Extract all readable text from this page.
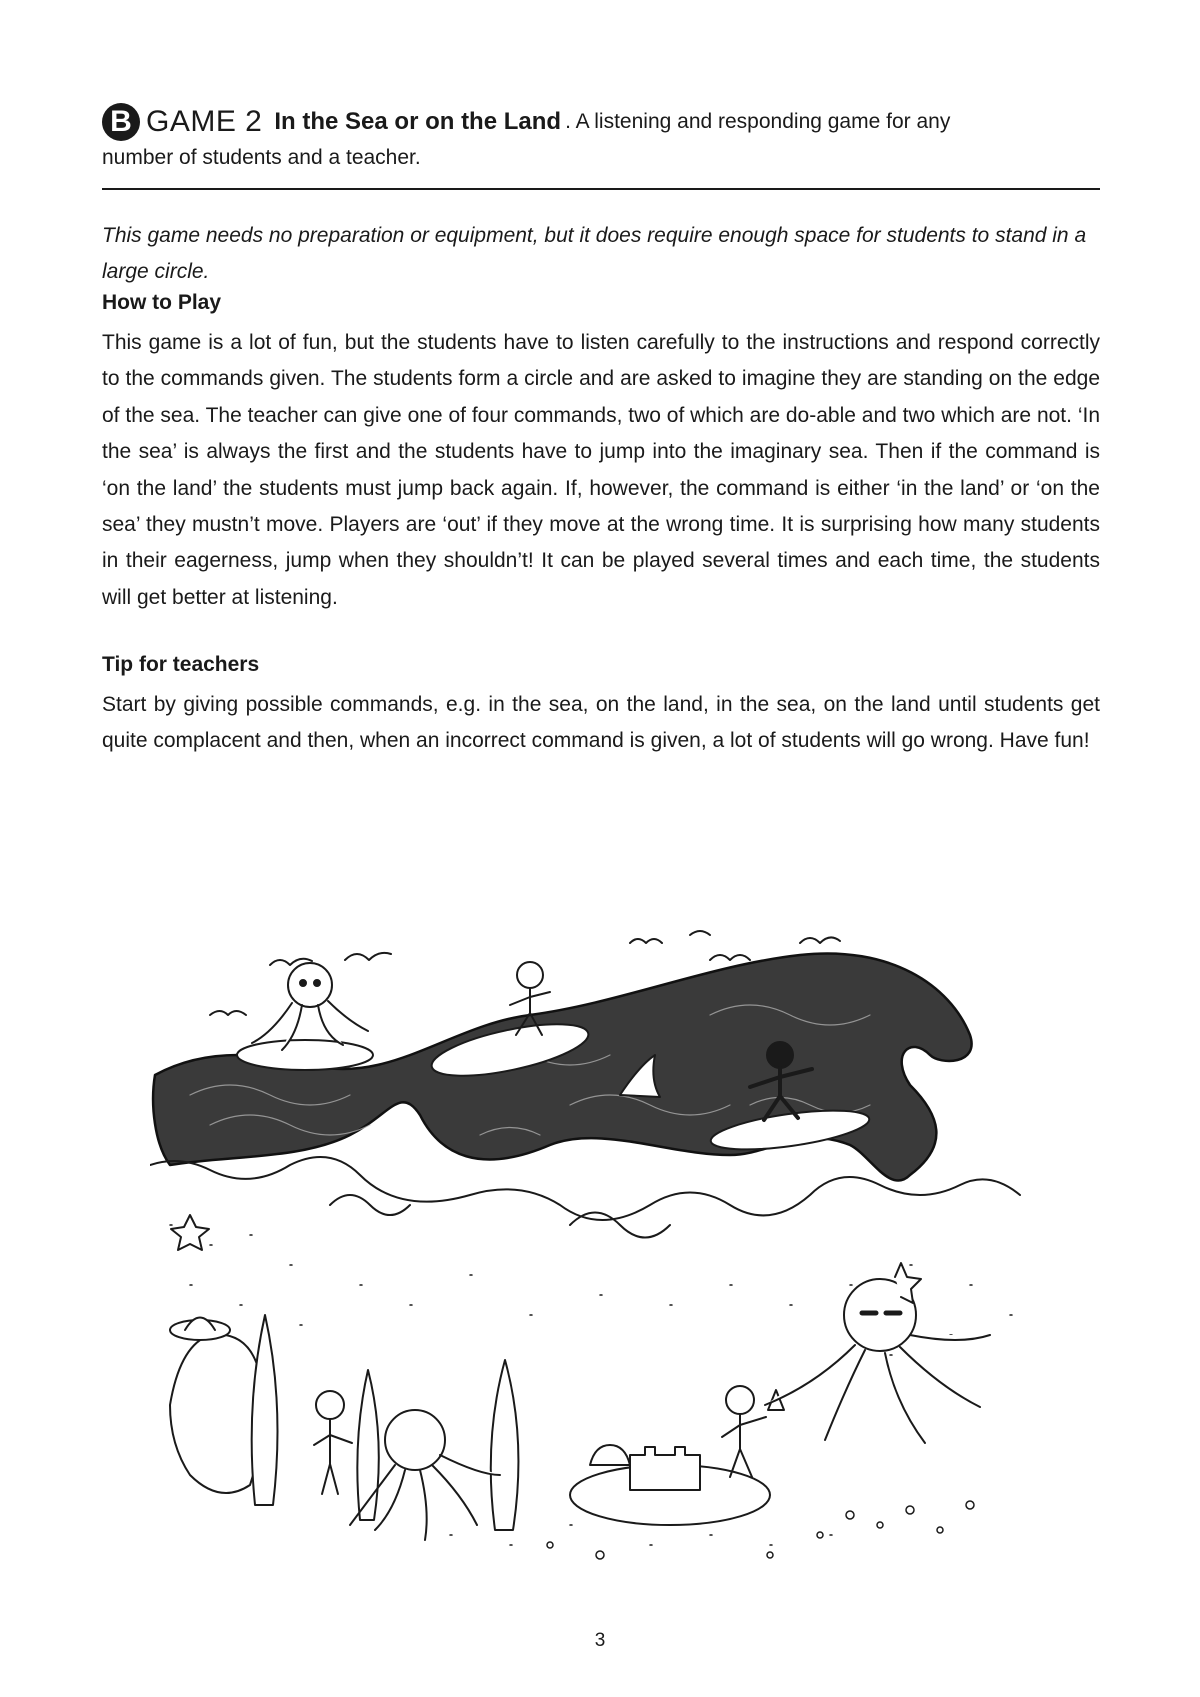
B GAME 2 In the Sea or on the Land . A listening and responding game for any
number of students and a teacher.
This game needs no preparation or equipment, but it does require enough space for students to stand in a large circle.
How to Play
This game is a lot of fun, but the students have to listen carefully to the instructions and respond correctly to the commands given. The students form a circle and are asked to imagine they are standing on the edge of the sea. The teacher can give one of four commands, two of which are do-able and two which are not. ‘In the sea’ is always the first and the students have to jump into the imaginary sea. Then if the command is ‘on the land’ the students must jump back again. If, however, the command is either ‘in the land’ or ‘on the sea’ they mustn’t move. Players are ‘out’ if they move at the wrong time. It is surprising how many students in their eagerness, jump when they shouldn’t! It can be played several times and each time, the students will get better at listening.
Tip for teachers
Start by giving possible commands, e.g. in the sea, on the land, in the sea, on the land until students get quite complacent and then, when an incorrect command is given, a lot of students will go wrong. Have fun!
3
